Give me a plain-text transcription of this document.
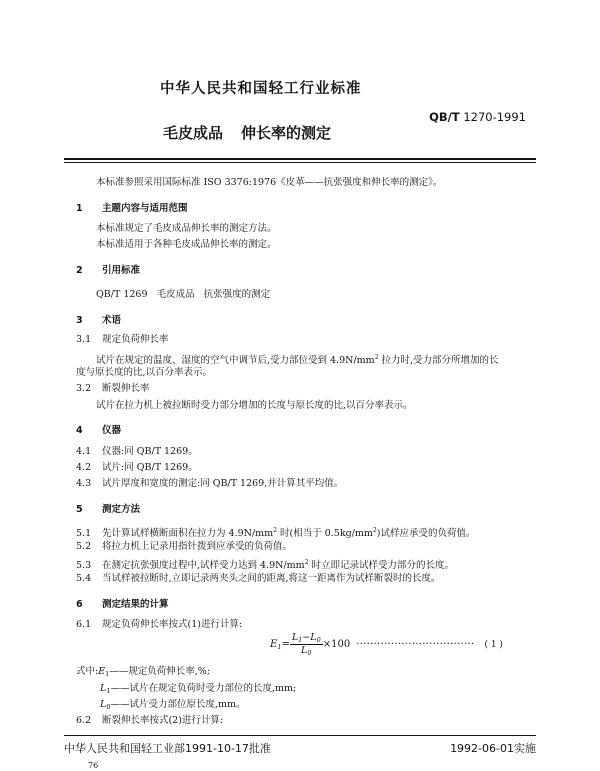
中华人民共和国轻工行业标准
QB/T 1270-1991
毛皮成品 伸长率的测定
本标准参照采用国际标准 ISO 3376:1976《皮革——抗张强度和伸长率的测定》。
1 主题内容与适用范围
本标准规定了毛皮成品伸长率的测定方法。
本标准适用于各种毛皮成品伸长率的测定。
2 引用标准
QB/T 1269   毛皮成品   抗张强度的测定
3 术语
3.1 规定负荷伸长率
试片在规定的温度、湿度的空气中调节后,受力部位受到 $4.9N/mm^2$ 拉力时,受力部分所增加的长
度与原长度的比,以百分率表示。
3.2 断裂伸长率
试片在拉力机上被拉断时受力部分增加的长度与原长度的比,以百分率表示。
4 仪器
4.1 仪器:同 QB/T 1269。
4.2 试片:同 QB/T 1269。
4.3 试片厚度和宽度的测定:同 QB/T 1269,并计算其平均值。
5 测定方法
5.1 先计算试样横断面积在拉力为 $4.9N/mm^2$ 时(相当于 $0.5kg/mm^2$)试样应承受的负荷值。
5.2 将拉力机上记录用指针拨到应承受的负荷值。
5.3 在测定抗张强度过程中,试样受力达到 $4.9N/mm^2$ 时立即记录试样受力部分的长度。
5.4 当试样被拉断时,立即记录两夹头之间的距离,将这一距离作为试样断裂时的长度。
6 测定结果的计算
6.1 规定负荷伸长率按式(1)进行计算:
$E_1= \frac{L_1-L_0}{L_0} \times 100$ ·································· ( 1 )
式中$:E_1——$规定负荷伸长率,%;
$L_1——$试片在规定负荷时受力部位的长度,mm;
$L_0——$试片受力部位原长度,mm。
6.2 断裂伸长率按式(2)进行计算:
中华人民共和国轻工业部1991-10-17批准	1992-06-01实施
76
